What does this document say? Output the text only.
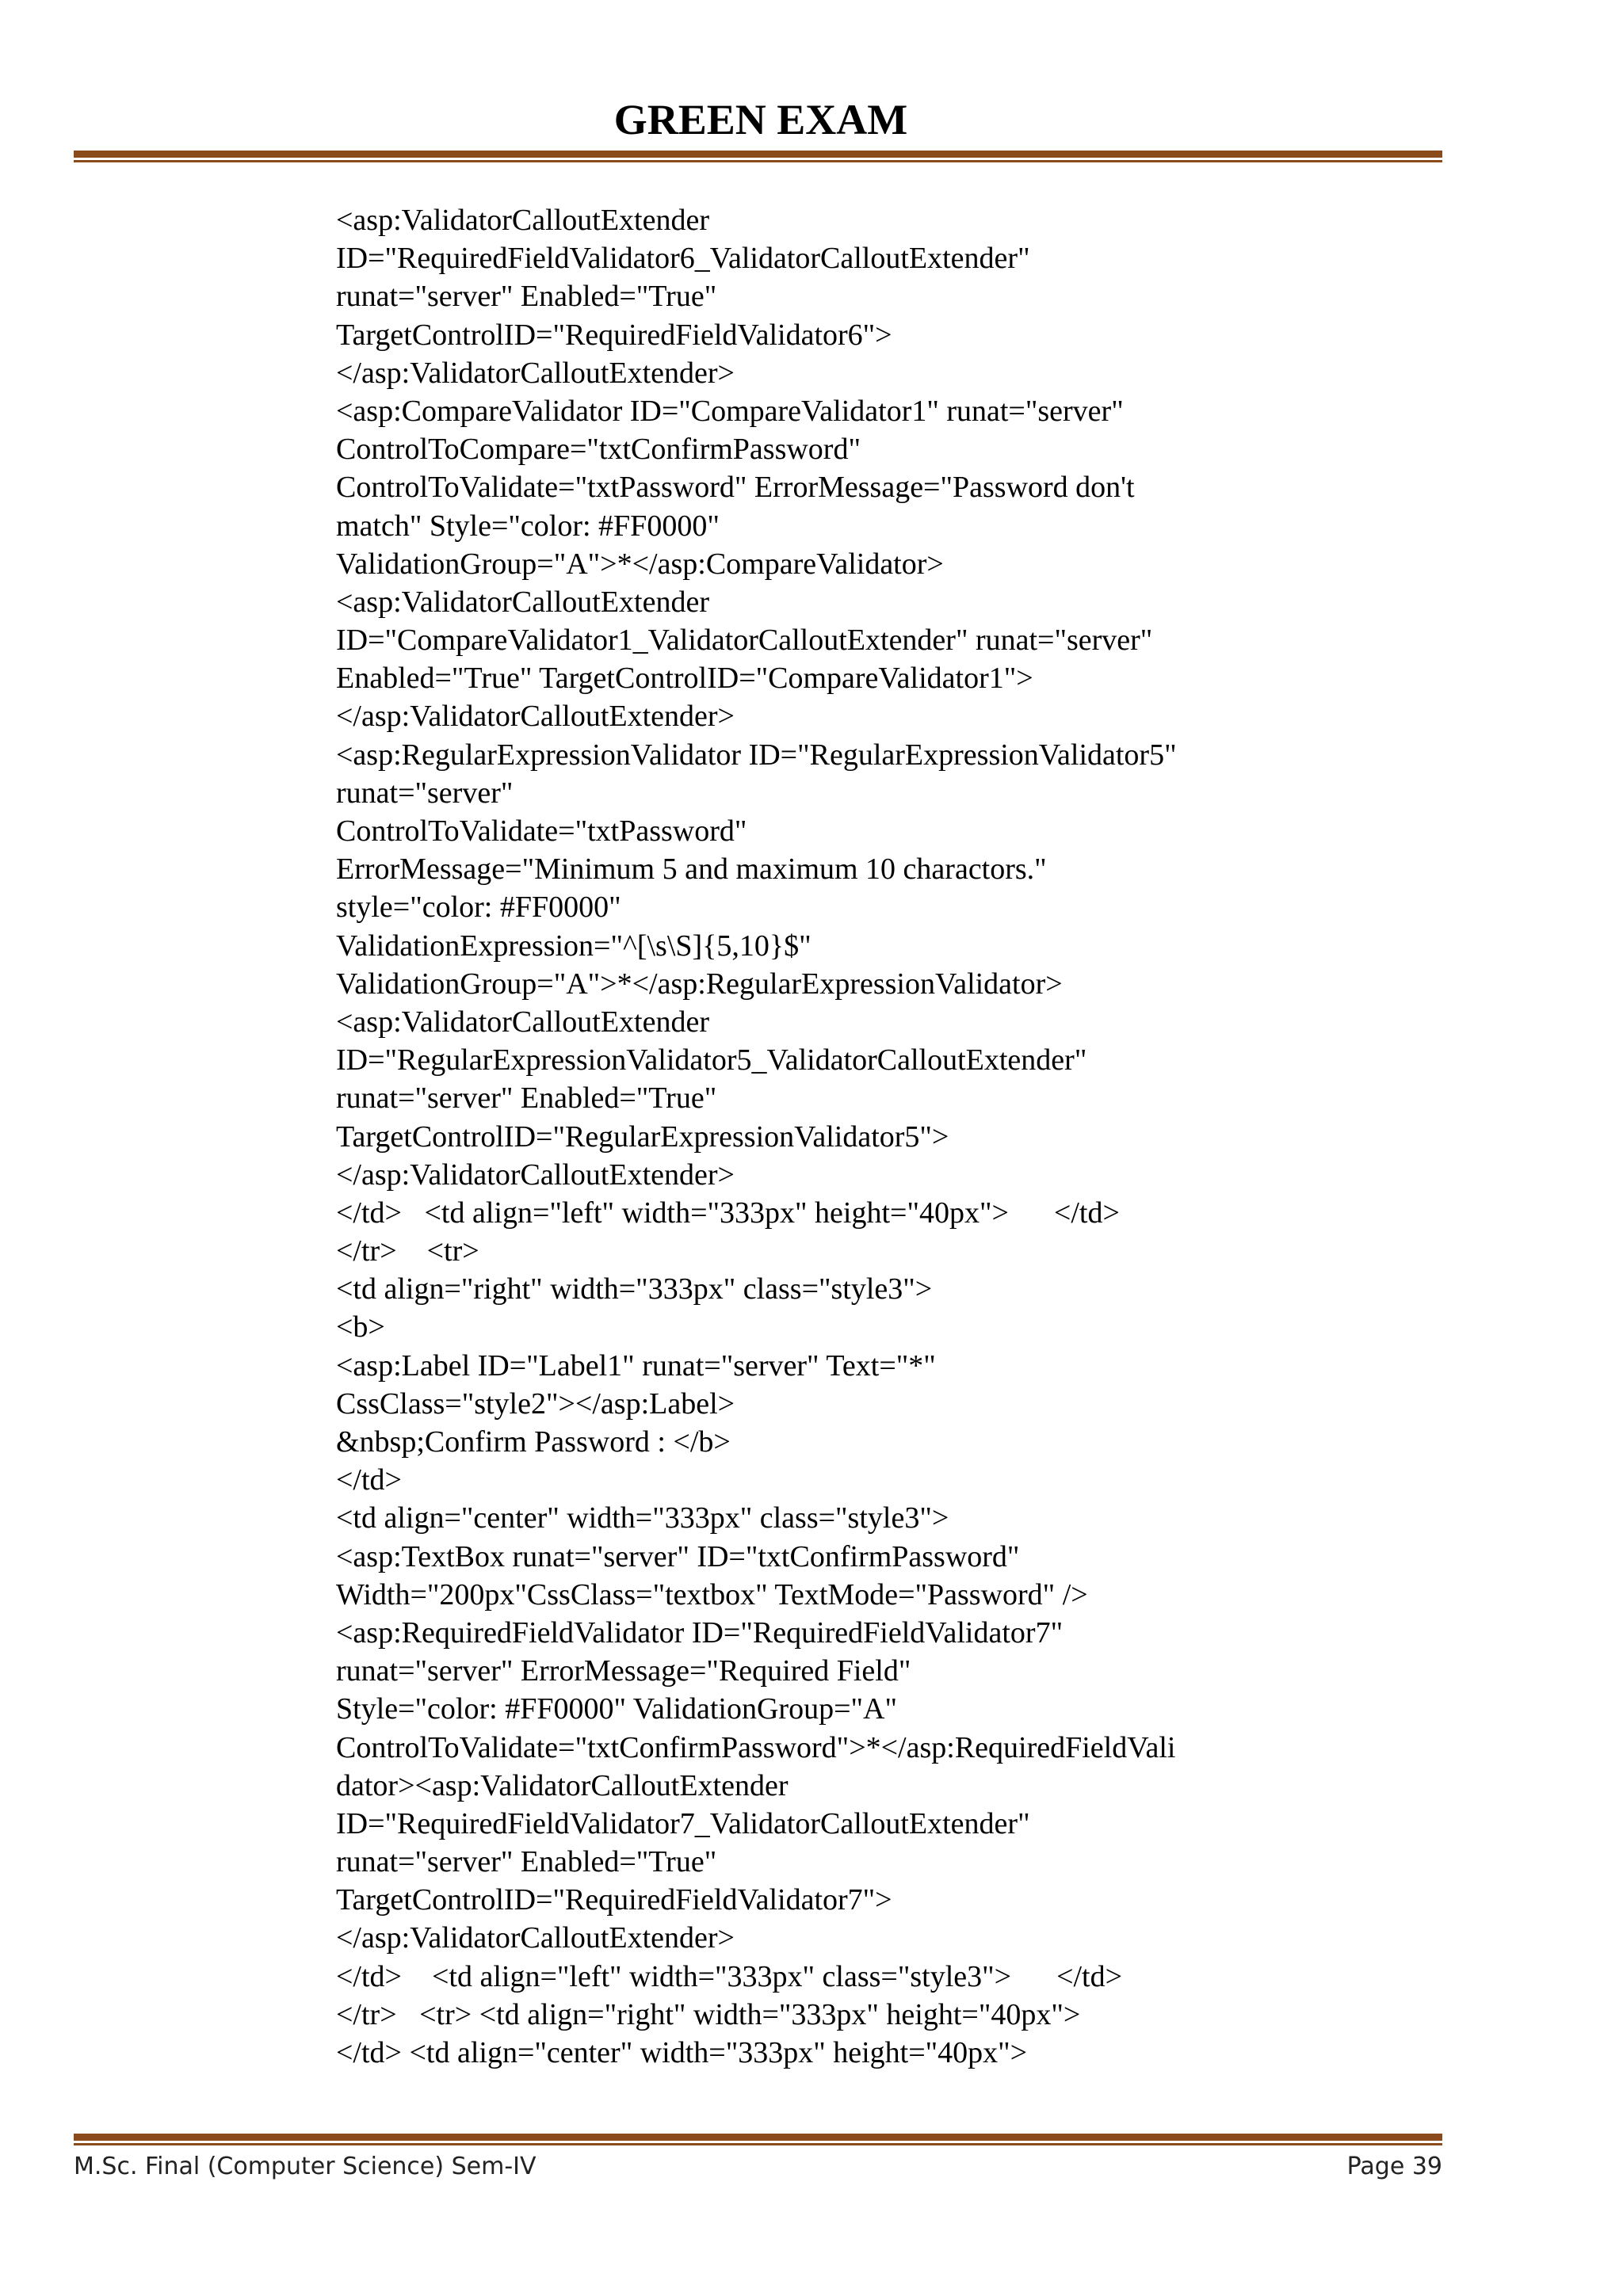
GREEN EXAM
<asp:ValidatorCalloutExtender
ID="RequiredFieldValidator6_ValidatorCalloutExtender"
runat="server" Enabled="True"
TargetControlID="RequiredFieldValidator6">
</asp:ValidatorCalloutExtender>
<asp:CompareValidator ID="CompareValidator1" runat="server"
ControlToCompare="txtConfirmPassword"
ControlToValidate="txtPassword" ErrorMessage="Password don't
match" Style="color: #FF0000"
ValidationGroup="A">*</asp:CompareValidator>
<asp:ValidatorCalloutExtender
ID="CompareValidator1_ValidatorCalloutExtender" runat="server"
Enabled="True" TargetControlID="CompareValidator1">
</asp:ValidatorCalloutExtender>
<asp:RegularExpressionValidator ID="RegularExpressionValidator5"
runat="server"
ControlToValidate="txtPassword"
ErrorMessage="Minimum 5 and maximum 10 charactors."
style="color: #FF0000"
ValidationExpression="^[\s\S]{5,10}$"
ValidationGroup="A">*</asp:RegularExpressionValidator>
<asp:ValidatorCalloutExtender
ID="RegularExpressionValidator5_ValidatorCalloutExtender"
runat="server" Enabled="True"
TargetControlID="RegularExpressionValidator5">
</asp:ValidatorCalloutExtender>
</td>   <td align="left" width="333px" height="40px">      </td>
</tr>    <tr>
<td align="right" width="333px" class="style3">
<b>
<asp:Label ID="Label1" runat="server" Text="*"
CssClass="style2"></asp:Label>
&nbsp;Confirm Password : </b>
</td>
<td align="center" width="333px" class="style3">
<asp:TextBox runat="server" ID="txtConfirmPassword"
Width="200px"CssClass="textbox" TextMode="Password" />
<asp:RequiredFieldValidator ID="RequiredFieldValidator7"
runat="server" ErrorMessage="Required Field"
Style="color: #FF0000" ValidationGroup="A"
ControlToValidate="txtConfirmPassword">*</asp:RequiredFieldVali
dator><asp:ValidatorCalloutExtender
ID="RequiredFieldValidator7_ValidatorCalloutExtender"
runat="server" Enabled="True"
TargetControlID="RequiredFieldValidator7">
</asp:ValidatorCalloutExtender>
</td>    <td align="left" width="333px" class="style3">      </td>
</tr>   <tr> <td align="right" width="333px" height="40px">
</td> <td align="center" width="333px" height="40px">
M.Sc. Final (Computer Science) Sem-IV	Page 39
